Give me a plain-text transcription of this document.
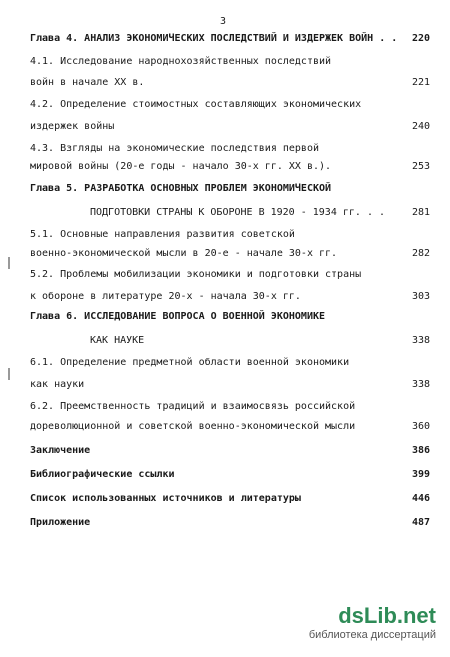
3
Глава 4. АНАЛИЗ ЭКОНОМИЧЕСКИХ ПОСЛЕДСТВИЙ И ИЗДЕРЖЕК ВОЙН . . 220
4.1. Исследование народнохозяйственных последствий
войн в начале XX в.	221
4.2. Определение стоимостных составляющих экономических
издержек войны	240
4.3. Взгляды на экономические последствия первой
мировой войны (20-е годы - начало 30-х гг. XX в.).	253
Глава 5. РАЗРАБОТКА ОСНОВНЫХ ПРОБЛЕМ ЭКОНОМИЧЕСКОЙ
ПОДГОТОВКИ СТРАНЫ К ОБОРОНЕ В 1920 - 1934 гг. . .	281
5.1. Основные направления развития советской
военно-экономической мысли в 20-е - начале 30-х гг.	282
5.2. Проблемы мобилизации экономики и подготовки страны
к обороне в литературе 20-х - начала 30-х гг.	303
Глава 6. ИССЛЕДОВАНИЕ ВОПРОСА О ВОЕННОЙ ЭКОНОМИКЕ
КАК НАУКЕ	338
6.1. Определение предметной области военной экономики
как науки	338
6.2. Преемственность традиций и взаимосвязь российской
дореволюционной и советской военно-экономической мысли	360
Заключение	386
Библиографические ссылки	399
Список использованных источников и литературы	446
Приложение	487
dsLib.net
библиотека диссертаций
